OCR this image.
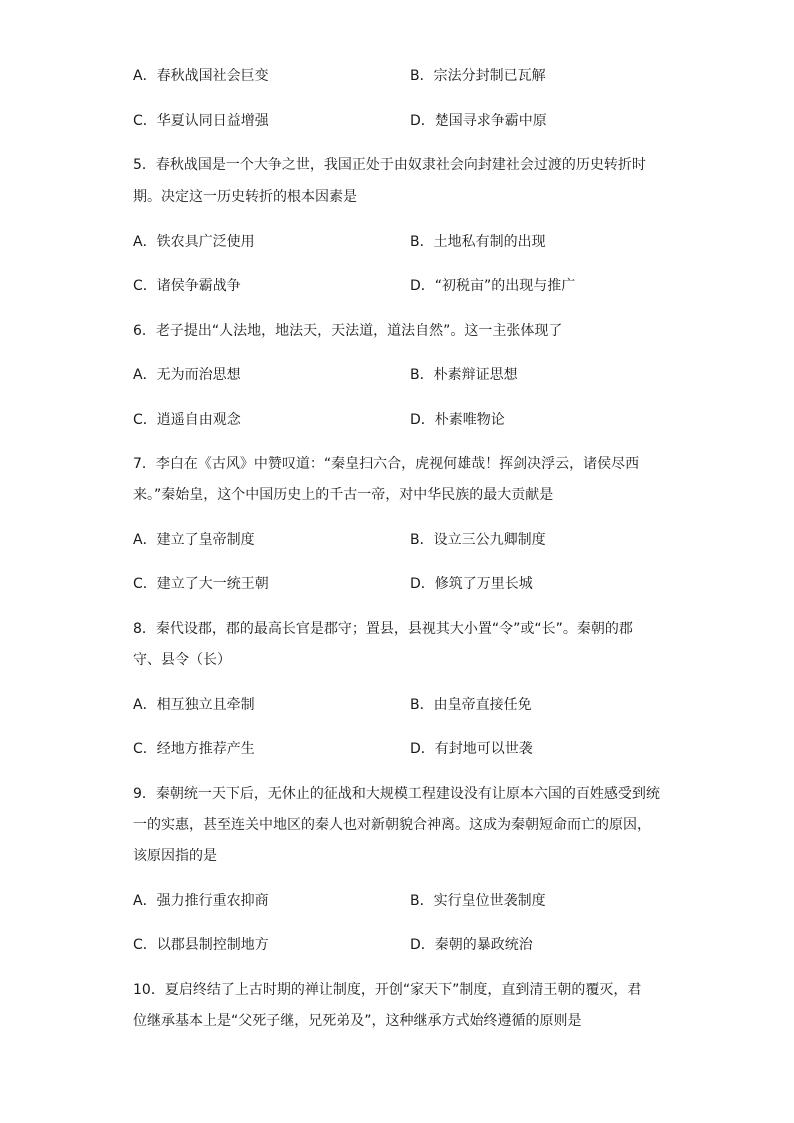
A．春秋战国社会巨变	B．宗法分封制已瓦解
C．华夏认同日益增强	D．楚国寻求争霸中原
5．春秋战国是一个大争之世，我国正处于由奴隶社会向封建社会过渡的历史转折时
期。决定这一历史转折的根本因素是
A．铁农具广泛使用	B．土地私有制的出现
C．诸侯争霸战争	D．“初税亩”的出现与推广
6．老子提出“人法地，地法天，天法道，道法自然”。这一主张体现了
A．无为而治思想	B．朴素辩证思想
C．逍遥自由观念	D．朴素唯物论
7．李白在《古风》中赞叹道：“秦皇扫六合，虎视何雄哉！挥剑决浮云，诸侯尽西
来。”秦始皇，这个中国历史上的千古一帝，对中华民族的最大贡献是
A．建立了皇帝制度	B．设立三公九卿制度
C．建立了大一统王朝	D．修筑了万里长城
8．秦代设郡，郡的最高长官是郡守；置县，县视其大小置“令”或“长”。秦朝的郡
守、县令（长）
A．相互独立且牵制	B．由皇帝直接任免
C．经地方推荐产生	D．有封地可以世袭
9．秦朝统一天下后，无休止的征战和大规模工程建设没有让原本六国的百姓感受到统
一的实惠，甚至连关中地区的秦人也对新朝貌合神离。这成为秦朝短命而亡的原因，
该原因指的是
A．强力推行重农抑商	B．实行皇位世袭制度
C．以郡县制控制地方	D．秦朝的暴政统治
10．夏启终结了上古时期的禅让制度，开创“家天下”制度，直到清王朝的覆灭，君
位继承基本上是“父死子继，兄死弟及”，这种继承方式始终遵循的原则是
